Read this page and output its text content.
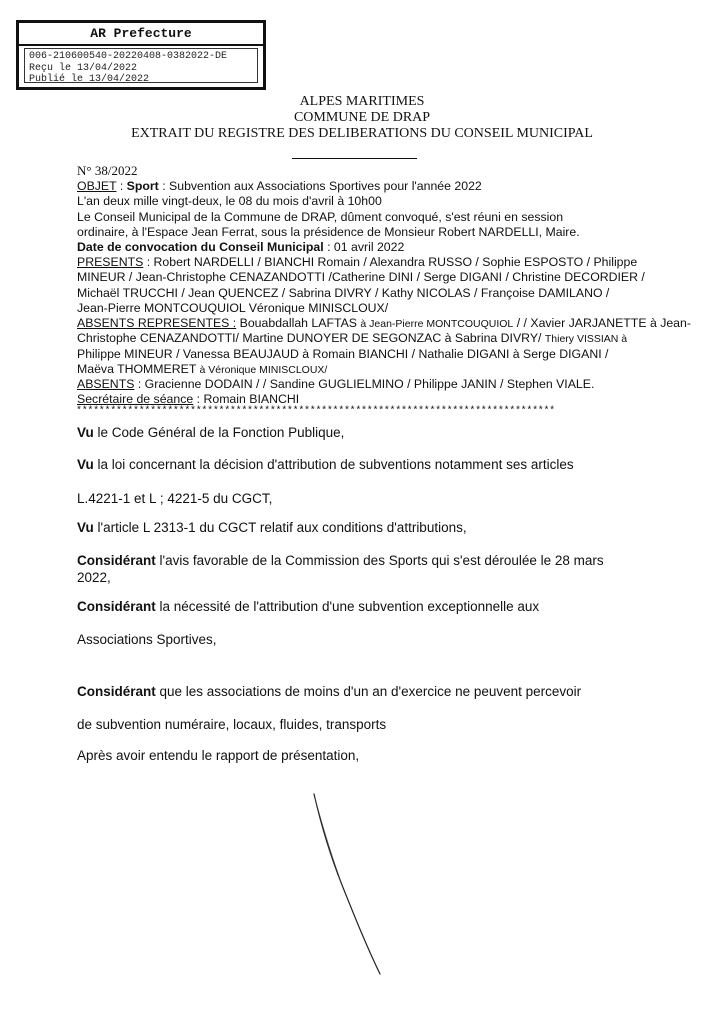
AR Prefecture
006-210600540-20220408-0382022-DE
Reçu le 13/04/2022
Publié le 13/04/2022
ALPES MARITIMES
COMMUNE DE DRAP
EXTRAIT DU REGISTRE DES DELIBERATIONS DU CONSEIL MUNICIPAL
N° 38/2022
OBJET : Sport : Subvention aux Associations Sportives pour l'année 2022
L'an deux mille vingt-deux, le 08 du mois d'avril à 10h00
Le Conseil Municipal de la Commune de DRAP, dûment convoqué, s'est réuni en session
ordinaire, à l'Espace Jean Ferrat, sous la présidence de Monsieur Robert NARDELLI, Maire.
Date de convocation du Conseil Municipal : 01 avril 2022
PRESENTS : Robert NARDELLI / BIANCHI Romain / Alexandra RUSSO / Sophie ESPOSTO / Philippe
MINEUR / Jean-Christophe CENAZANDOTTI /Catherine DINI / Serge DIGANI / Christine DECORDIER /
Michaël TRUCCHI / Jean QUENCEZ / Sabrina DIVRY / Kathy NICOLAS / Françoise DAMILANO /
Jean-Pierre MONTCOUQUIOL Véronique MINISCLOUX/
ABSENTS REPRESENTES : Bouabdallah LAFTAS à Jean-Pierre MONTCOUQUIOL / / Xavier JARJANETTE à Jean-
Christophe CENAZANDOTTI/ Martine DUNOYER DE SEGONZAC à Sabrina DIVRY/ Thiery VISSIAN à
Philippe MINEUR / Vanessa BEAUJAUD à Romain BIANCHI / Nathalie DIGANI à Serge DIGANI /
Maëva THOMMERET à Véronique MINISCLOUX/
ABSENTS : Gracienne DODAIN / / Sandine GUGLIELMINO / Philippe JANIN / Stephen VIALE.
Secrétaire de séance : Romain BIANCHI
************************************************************************************
Vu le Code Général de la Fonction Publique,
Vu la loi concernant la décision d'attribution de subventions notamment ses articles
L.4221-1 et L ; 4221-5 du CGCT,
Vu l'article L 2313-1 du CGCT relatif aux conditions d'attributions,
Considérant l'avis favorable de la Commission des Sports qui s'est déroulée le 28 mars
2022,
Considérant la nécessité de l'attribution d'une subvention exceptionnelle aux
Associations Sportives,
Considérant que les associations de moins d'un an d'exercice ne peuvent percevoir
de subvention numéraire, locaux, fluides, transports
Après avoir entendu le rapport de présentation,
